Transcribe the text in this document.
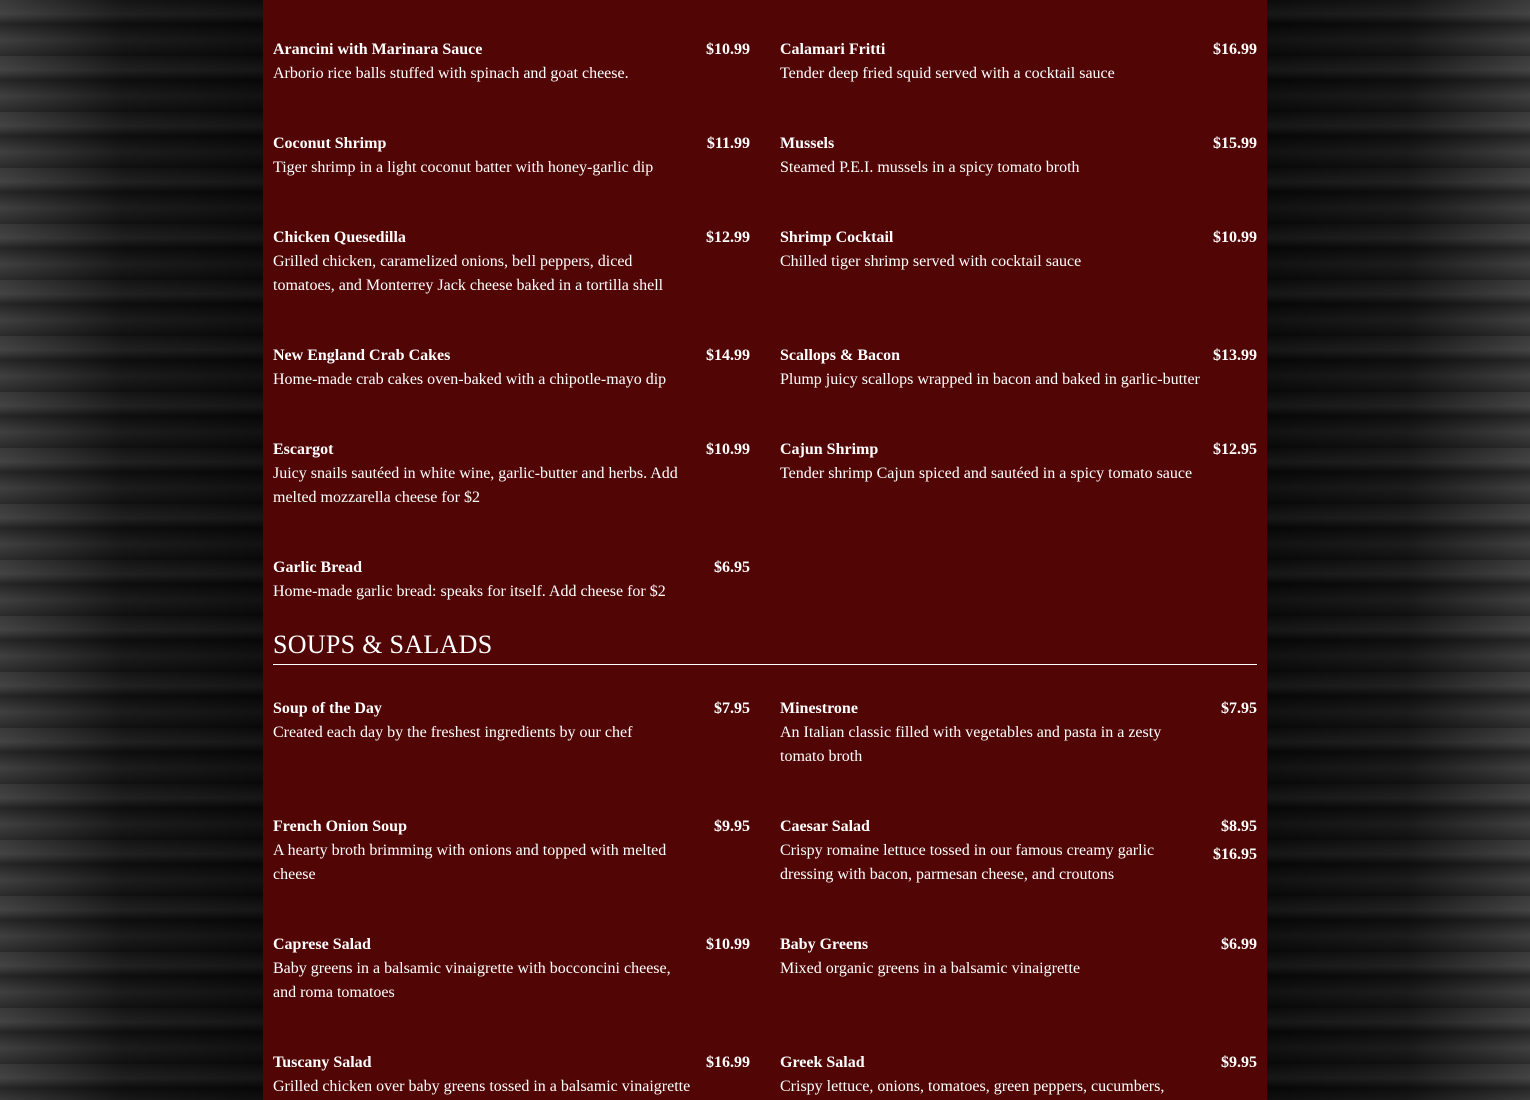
Arancini with Marinara Sauce	$10.99
Arborio rice balls stuffed with spinach and goat cheese.
Calamari Fritti	$16.99
Tender deep fried squid served with a cocktail sauce
Coconut Shrimp	$11.99
Tiger shrimp in a light coconut batter with honey-garlic dip
Mussels	$15.99
Steamed P.E.I. mussels in a spicy tomato broth
Chicken Quesedilla	$12.99
Grilled chicken, caramelized onions, bell peppers, diced tomatoes, and Monterrey Jack cheese baked in a tortilla shell
Shrimp Cocktail	$10.99
Chilled tiger shrimp served with cocktail sauce
New England Crab Cakes	$14.99
Home-made crab cakes oven-baked with a chipotle-mayo dip
Scallops & Bacon	$13.99
Plump juicy scallops wrapped in bacon and baked in garlic-butter
Escargot	$10.99
Juicy snails sautéed in white wine, garlic-butter and herbs. Add melted mozzarella cheese for $2
Cajun Shrimp	$12.95
Tender shrimp Cajun spiced and sautéed in a spicy tomato sauce
Garlic Bread	$6.95
Home-made garlic bread: speaks for itself. Add cheese for $2
SOUPS & SALADS
Soup of the Day	$7.95
Created each day by the freshest ingredients by our chef
Minestrone	$7.95
An Italian classic filled with vegetables and pasta in a zesty tomato broth
French Onion Soup	$9.95
A hearty broth brimming with onions and topped with melted cheese
Caesar Salad	$8.95
$16.95
Crispy romaine lettuce tossed in our famous creamy garlic dressing with bacon, parmesan cheese, and croutons
Caprese Salad	$10.99
Baby greens in a balsamic vinaigrette with bocconcini cheese, and roma tomatoes
Baby Greens	$6.99
Mixed organic greens in a balsamic vinaigrette
Tuscany Salad	$16.99
Grilled chicken over baby greens tossed in a balsamic vinaigrette
Greek Salad	$9.95
Crispy lettuce, onions, tomatoes, green peppers, cucumbers,
